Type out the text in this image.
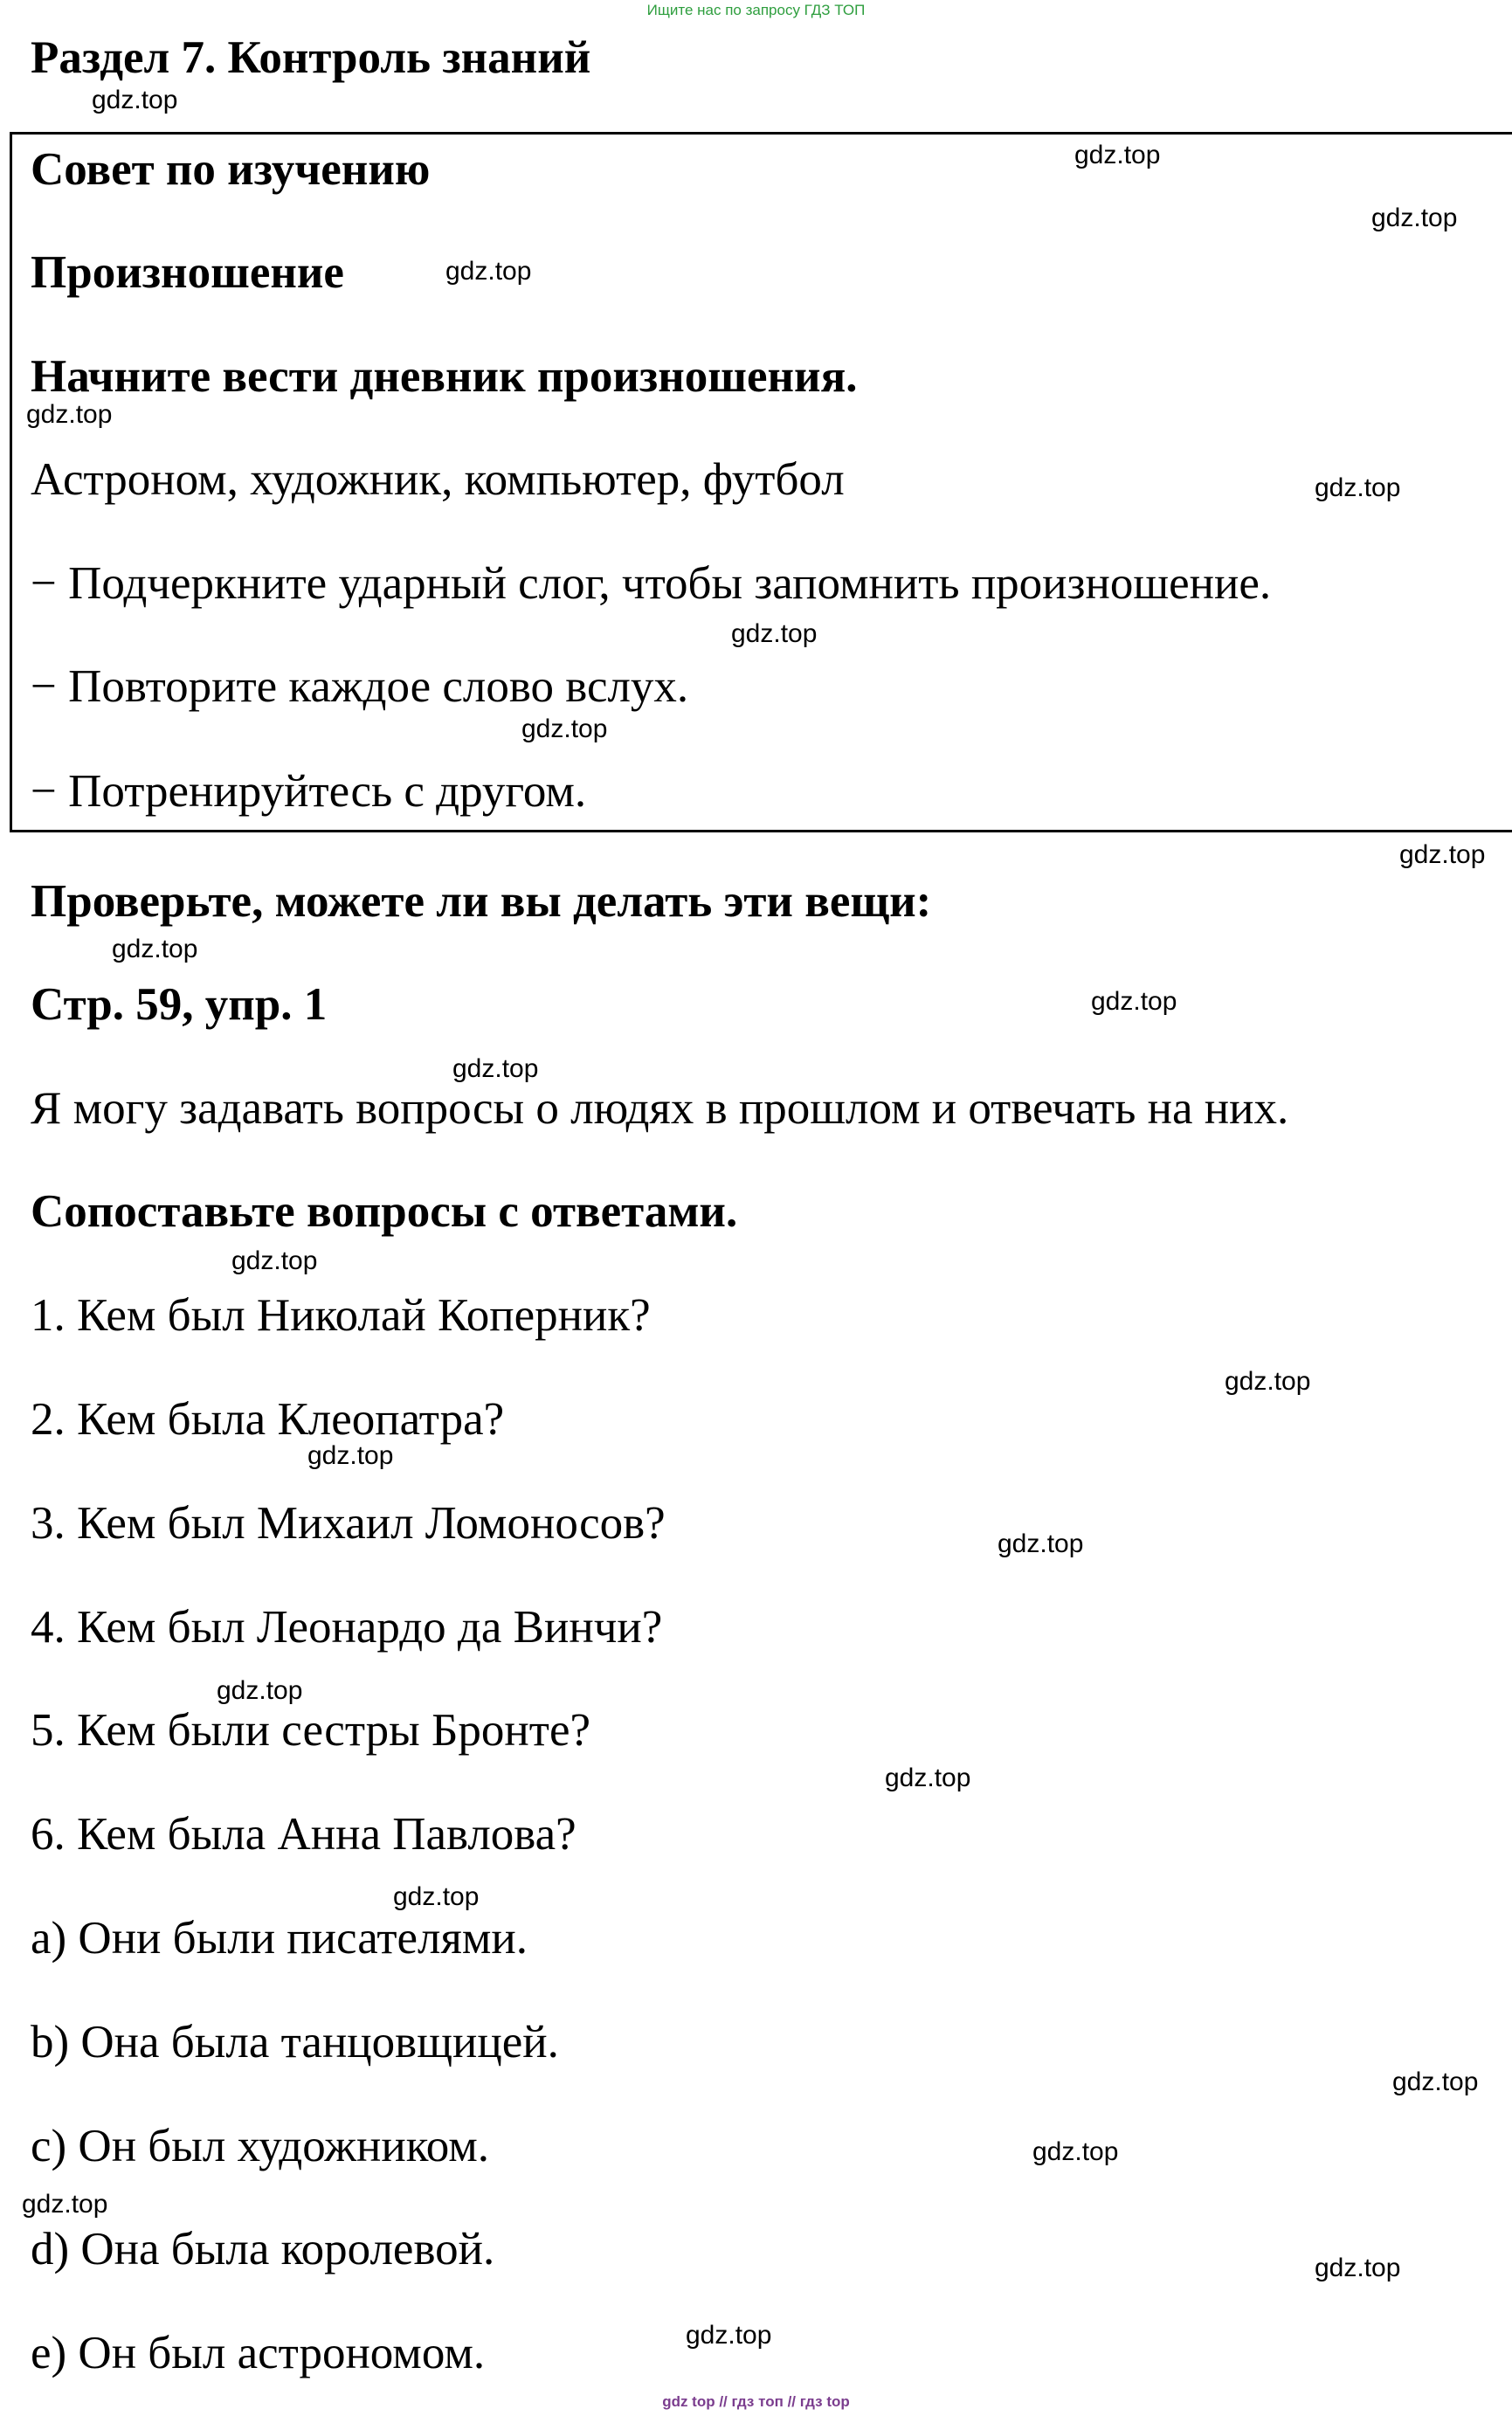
Ищите нас по запросу ГДЗ ТОП
Раздел 7. Контроль знаний
Совет по изучению
Произношение
Начните вести дневник произношения.
Астроном, художник, компьютер, футбол
− Подчеркните ударный слог, чтобы запомнить произношение.
− Повторите каждое слово вслух.
− Потренируйтесь с другом.
Проверьте, можете ли вы делать эти вещи:
Стр. 59, упр. 1
Я могу задавать вопросы о людях в прошлом и отвечать на них.
Сопоставьте вопросы с ответами.
1. Кем был Николай Коперник?
2. Кем была Клеопатра?
3. Кем был Михаил Ломоносов?
4. Кем был Леонардо да Винчи?
5. Кем были сестры Бронте?
6. Кем была Анна Павлова?
a) Они были писателями.
b) Она была танцовщицей.
c) Он был художником.
d) Она была королевой.
e) Он был астрономом.
gdz.top
gdz.top
gdz.top
gdz.top
gdz.top
gdz.top
gdz.top
gdz.top
gdz.top
gdz.top
gdz.top
gdz.top
gdz.top
gdz.top
gdz.top
gdz.top
gdz.top
gdz.top
gdz.top
gdz.top
gdz.top
gdz.top
gdz.top
gdz.top
gdz top // гдз топ // гдз top
